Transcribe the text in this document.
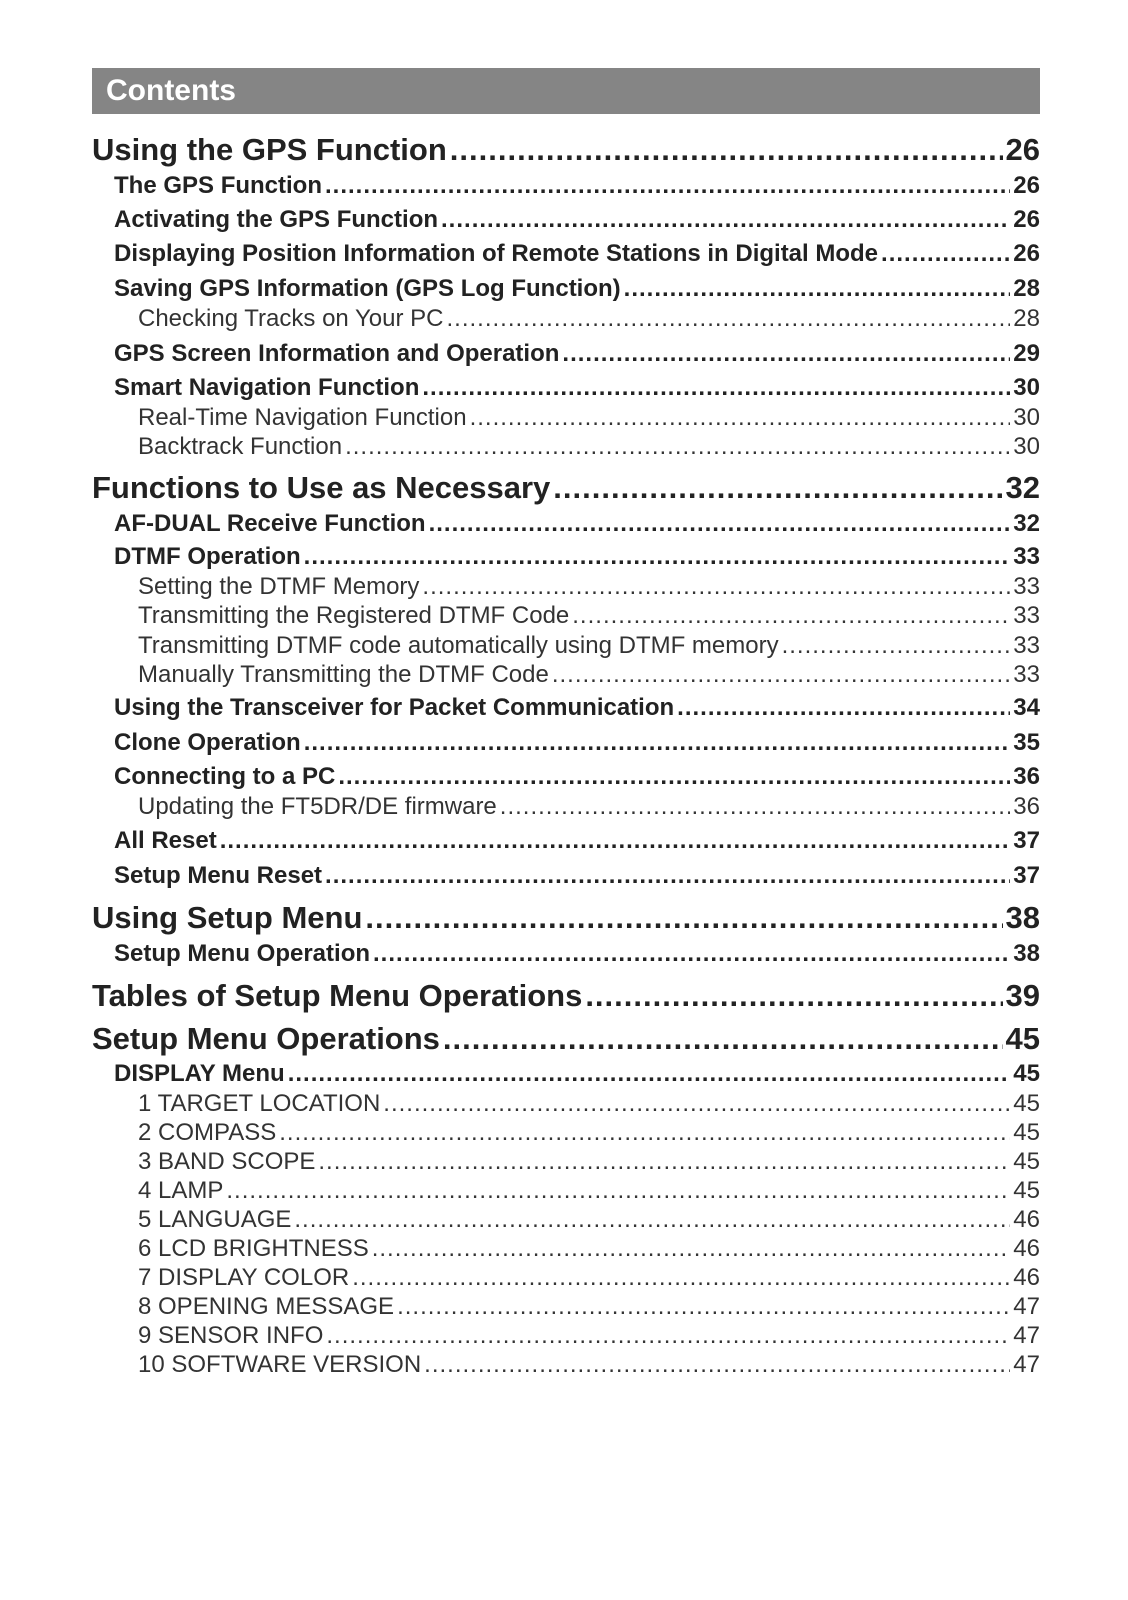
Contents
Using the GPS Function .....	26
The GPS Function .....	26
Activating the GPS Function .....	26
Displaying Position Information of Remote Stations in Digital Mode .....	26
Saving GPS Information (GPS Log Function) .....	28
Checking Tracks on Your PC .....	28
GPS Screen Information and Operation .....	29
Smart Navigation Function .....	30
Real-Time Navigation Function .....	30
Backtrack Function .....	30
Functions to Use as Necessary .....	32
AF-DUAL Receive Function .....	32
DTMF Operation .....	33
Setting the DTMF Memory .....	33
Transmitting the Registered DTMF Code .....	33
Transmitting DTMF code automatically using DTMF memory .....	33
Manually Transmitting the DTMF Code .....	33
Using the Transceiver for Packet Communication .....	34
Clone Operation .....	35
Connecting to a PC .....	36
Updating the FT5DR/DE firmware .....	36
All Reset .....	37
Setup Menu Reset .....	37
Using Setup Menu .....	38
Setup Menu Operation .....	38
Tables of Setup Menu Operations .....	39
Setup Menu Operations .....	45
DISPLAY Menu .....	45
1 TARGET LOCATION .....	45
2 COMPASS .....	45
3 BAND SCOPE .....	45
4 LAMP .....	45
5 LANGUAGE .....	46
6 LCD BRIGHTNESS .....	46
7 DISPLAY COLOR .....	46
8 OPENING MESSAGE .....	47
9 SENSOR INFO .....	47
10 SOFTWARE VERSION .....	47
